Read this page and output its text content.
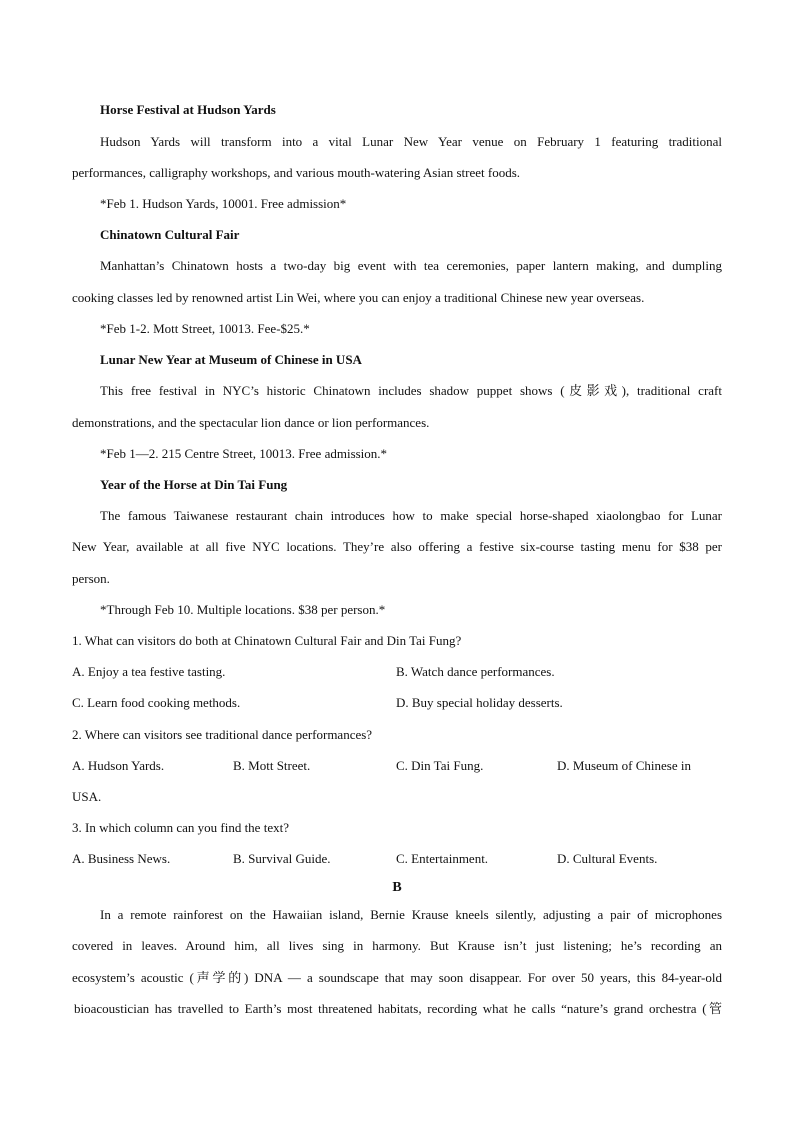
Horse Festival at Hudson Yards
Hudson Yards will transform into a vital Lunar New Year venue on February 1 featuring traditional
performances, calligraphy workshops, and various mouth-watering Asian street foods.
*Feb 1. Hudson Yards, 10001. Free admission*
Chinatown Cultural Fair
Manhattan’s Chinatown hosts a two-day big event with tea ceremonies, paper lantern making, and dumpling
cooking classes led by renowned artist Lin Wei, where you can enjoy a traditional Chinese new year overseas.
*Feb 1-2. Mott Street, 10013. Fee-$25.*
Lunar New Year at Museum of Chinese in USA
This free festival in NYC’s historic Chinatown includes shadow puppet shows (皮影戏), traditional craft
demonstrations, and the spectacular lion dance or lion performances.
*Feb 1—2. 215 Centre Street, 10013. Free admission.*
Year of the Horse at Din Tai Fung
The famous Taiwanese restaurant chain introduces how to make special horse-shaped xiaolongbao for Lunar
New Year, available at all five NYC locations. They’re also offering a festive six-course tasting menu for $38 per
person.
*Through Feb 10. Multiple locations. $38 per person.*
1. What can visitors do both at Chinatown Cultural Fair and Din Tai Fung?
A. Enjoy a tea festive tasting.	B. Watch dance performances.
C. Learn food cooking methods.	D. Buy special holiday desserts.
2. Where can visitors see traditional dance performances?
A. Hudson Yards.	B. Mott Street.	C. Din Tai Fung.	D. Museum of Chinese in
USA.
3. In which column can you find the text?
A. Business News.	B. Survival Guide.	C. Entertainment.	D. Cultural Events.
B
In a remote rainforest on the Hawaiian island, Bernie Krause kneels silently, adjusting a pair of microphones
covered in leaves. Around him, all lives sing in harmony. But Krause isn’t just listening; he’s recording an
ecosystem’s acoustic (声学的) DNA — a soundscape that may soon disappear. For over 50 years, this 84-year-old
bioacoustician has travelled to Earth’s most threatened habitats, recording what he calls “nature’s grand orchestra (管
